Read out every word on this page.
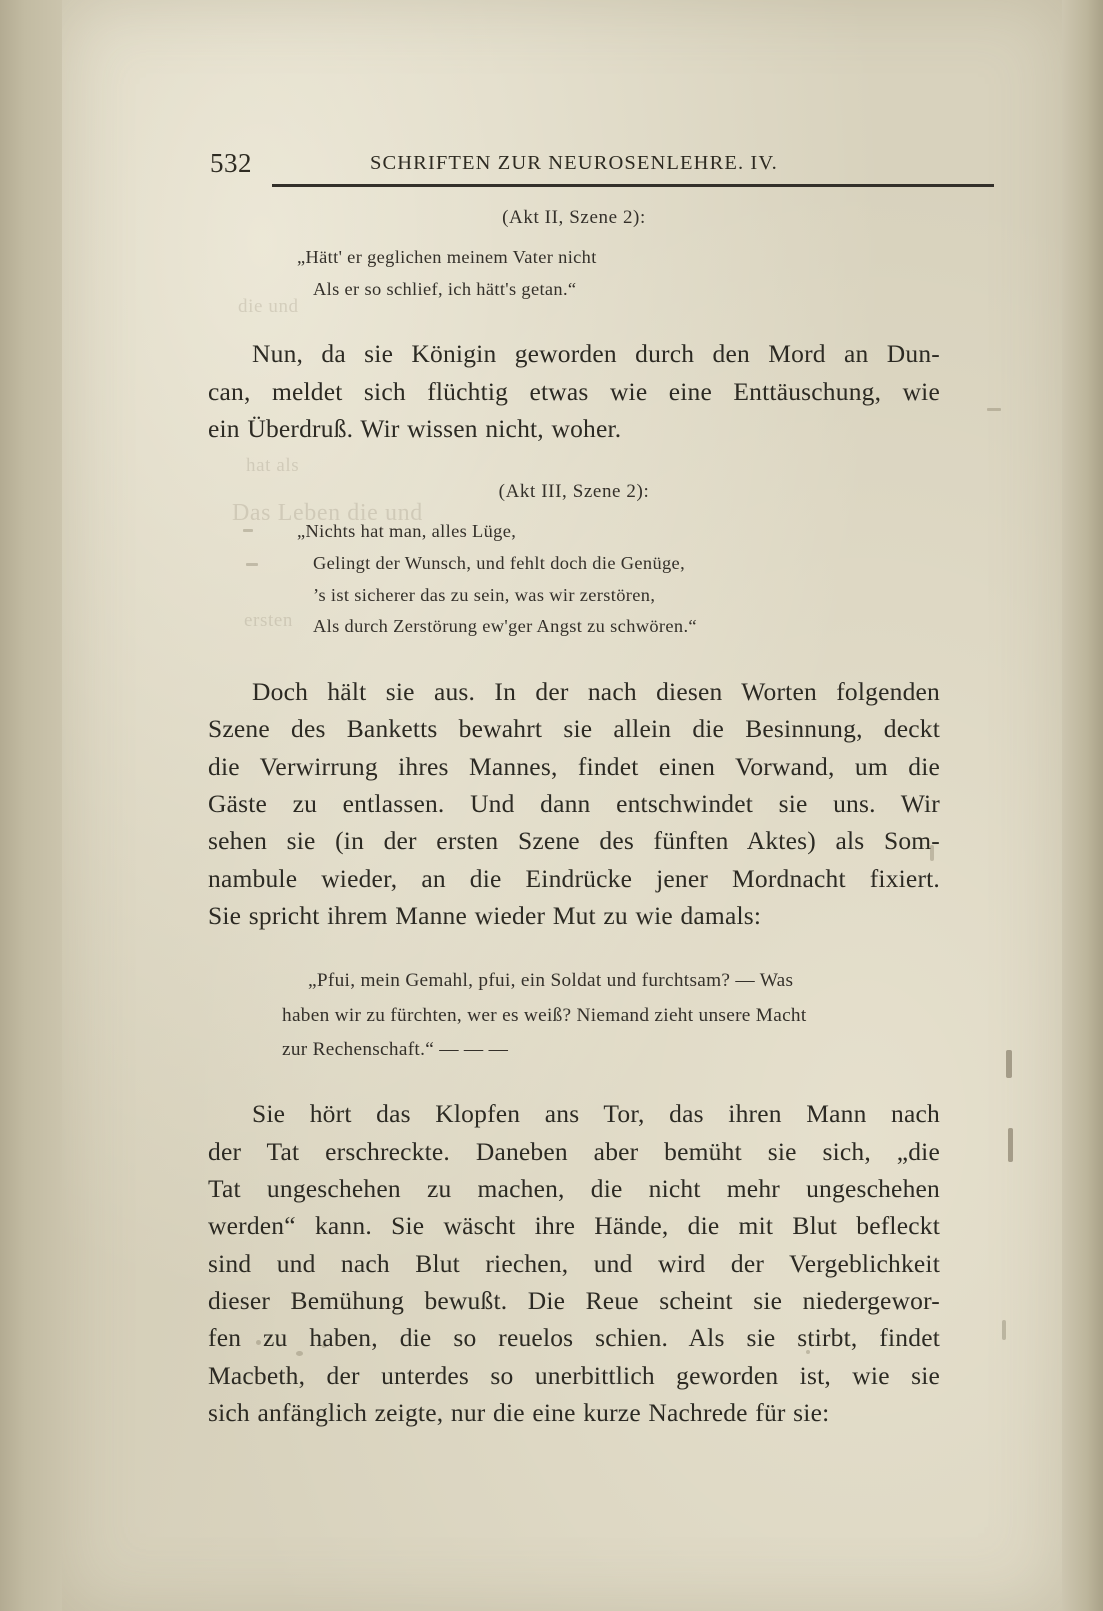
die und
Das Leben die und
hat als
ersten
532	SCHRIFTEN ZUR NEUROSENLEHRE. IV.

(Akt II, Szene 2):

„Hätt' er geglichen meinem Vater nicht
Als er so schlief, ich hätt's getan.“
Nun, da sie Königin geworden durch den Mord an Dun-
can, meldet sich flüchtig etwas wie eine Enttäuschung, wie
ein Überdruß. Wir wissen nicht, woher.

(Akt III, Szene 2):

„Nichts hat man, alles Lüge,
Gelingt der Wunsch, und fehlt doch die Genüge,
’s ist sicherer das zu sein, was wir zerstören,
Als durch Zerstörung ew'ger Angst zu schwören.“
Doch hält sie aus. In der nach diesen Worten folgenden
Szene des Banketts bewahrt sie allein die Besinnung, deckt
die Verwirrung ihres Mannes, findet einen Vorwand, um die
Gäste zu entlassen. Und dann entschwindet sie uns. Wir
sehen sie (in der ersten Szene des fünften Aktes) als Som-
nambule wieder, an die Eindrücke jener Mordnacht fixiert.
Sie spricht ihrem Manne wieder Mut zu wie damals:
„Pfui, mein Gemahl, pfui, ein Soldat und furchtsam? — Was
haben wir zu fürchten, wer es weiß? Niemand zieht unsere Macht
zur Rechenschaft.“ — — —
Sie hört das Klopfen ans Tor, das ihren Mann nach
der Tat erschreckte. Daneben aber bemüht sie sich, „die
Tat ungeschehen zu machen, die nicht mehr ungeschehen
werden“ kann. Sie wäscht ihre Hände, die mit Blut befleckt
sind und nach Blut riechen, und wird der Vergeblichkeit
dieser Bemühung bewußt. Die Reue scheint sie niedergewor-
fen zu haben, die so reuelos schien. Als sie stirbt, findet
Macbeth, der unterdes so unerbittlich geworden ist, wie sie
sich anfänglich zeigte, nur die eine kurze Nachrede für sie:
